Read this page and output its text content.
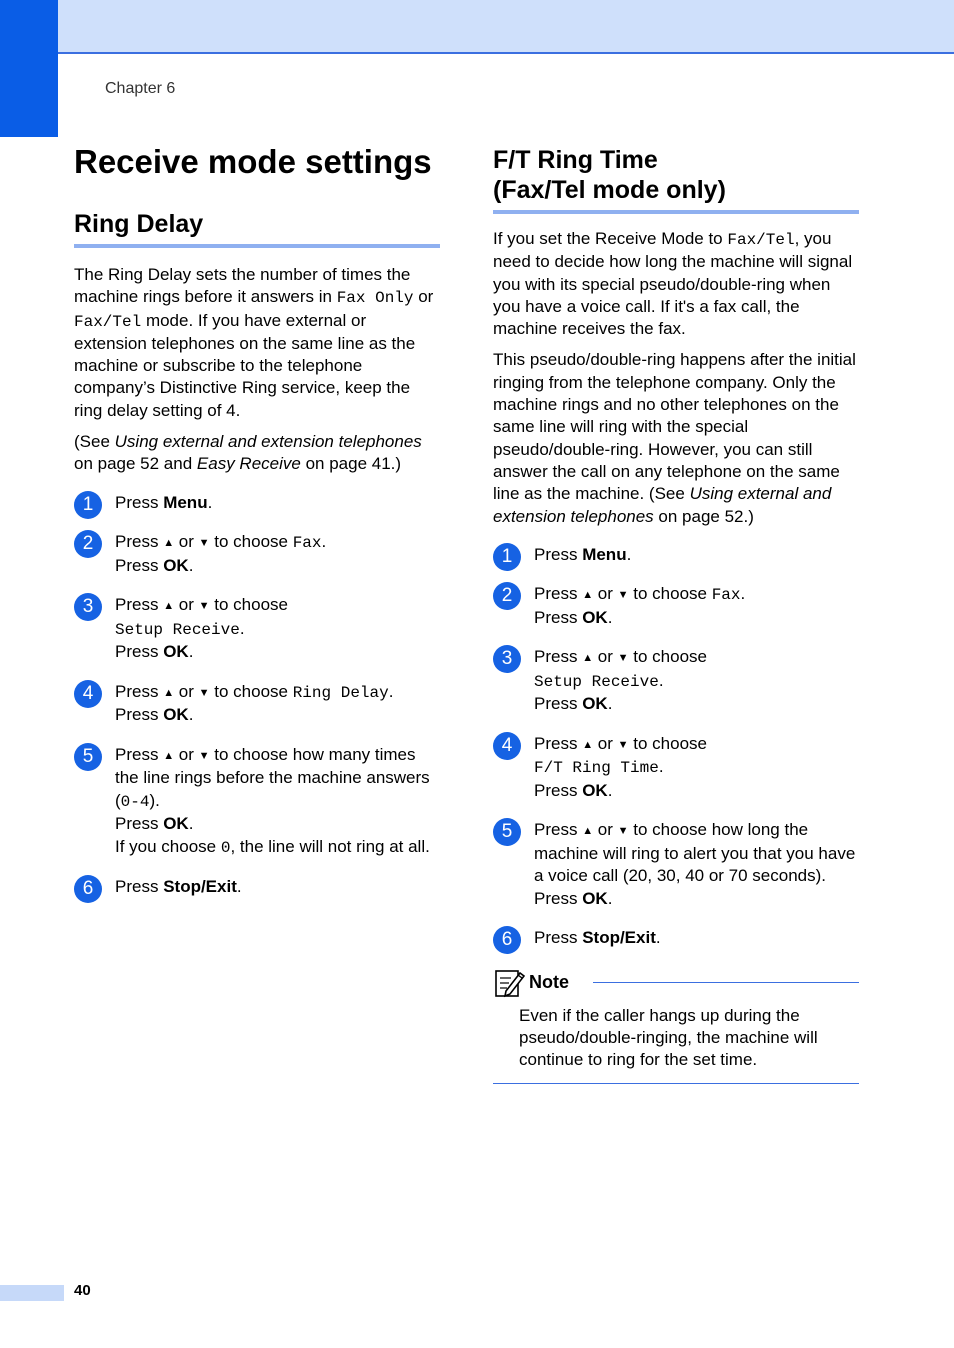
Chapter 6
Receive mode settings
Ring Delay

The Ring Delay sets the number of times the machine rings before it answers in Fax Only or Fax/Tel mode. If you have external or extension telephones on the same line as the machine or subscribe to the telephone company’s Distinctive Ring service, keep the ring delay setting of 4.

(See Using external and extension telephones on page 52 and Easy Receive on page 41.)

1	Press Menu.
2	Press ▲ or ▼ to choose Fax.
Press OK.
3	Press ▲ or ▼ to choose
Setup Receive.
Press OK.
4	Press ▲ or ▼ to choose Ring Delay.
Press OK.
5	Press ▲ or ▼ to choose how many times the line rings before the machine answers (0-4).
Press OK.
If you choose 0, the line will not ring at all.
6	Press Stop/Exit.
F/T Ring Time
(Fax/Tel mode only)

If you set the Receive Mode to Fax/Tel, you need to decide how long the machine will signal you with its special pseudo/double-ring when you have a voice call. If it's a fax call, the machine receives the fax.

This pseudo/double-ring happens after the initial ringing from the telephone company. Only the machine rings and no other telephones on the same line will ring with the special pseudo/double-ring. However, you can still answer the call on any telephone on the same line as the machine. (See Using external and extension telephones on page 52.)

1	Press Menu.
2	Press ▲ or ▼ to choose Fax.
Press OK.
3	Press ▲ or ▼ to choose
Setup Receive.
Press OK.
4	Press ▲ or ▼ to choose
F/T Ring Time.
Press OK.
5	Press ▲ or ▼ to choose how long the machine will ring to alert you that you have a voice call (20, 30, 40 or 70 seconds).
Press OK.
6	Press Stop/Exit.
Note

Even if the caller hangs up during the pseudo/double-ringing, the machine will continue to ring for the set time.

40
